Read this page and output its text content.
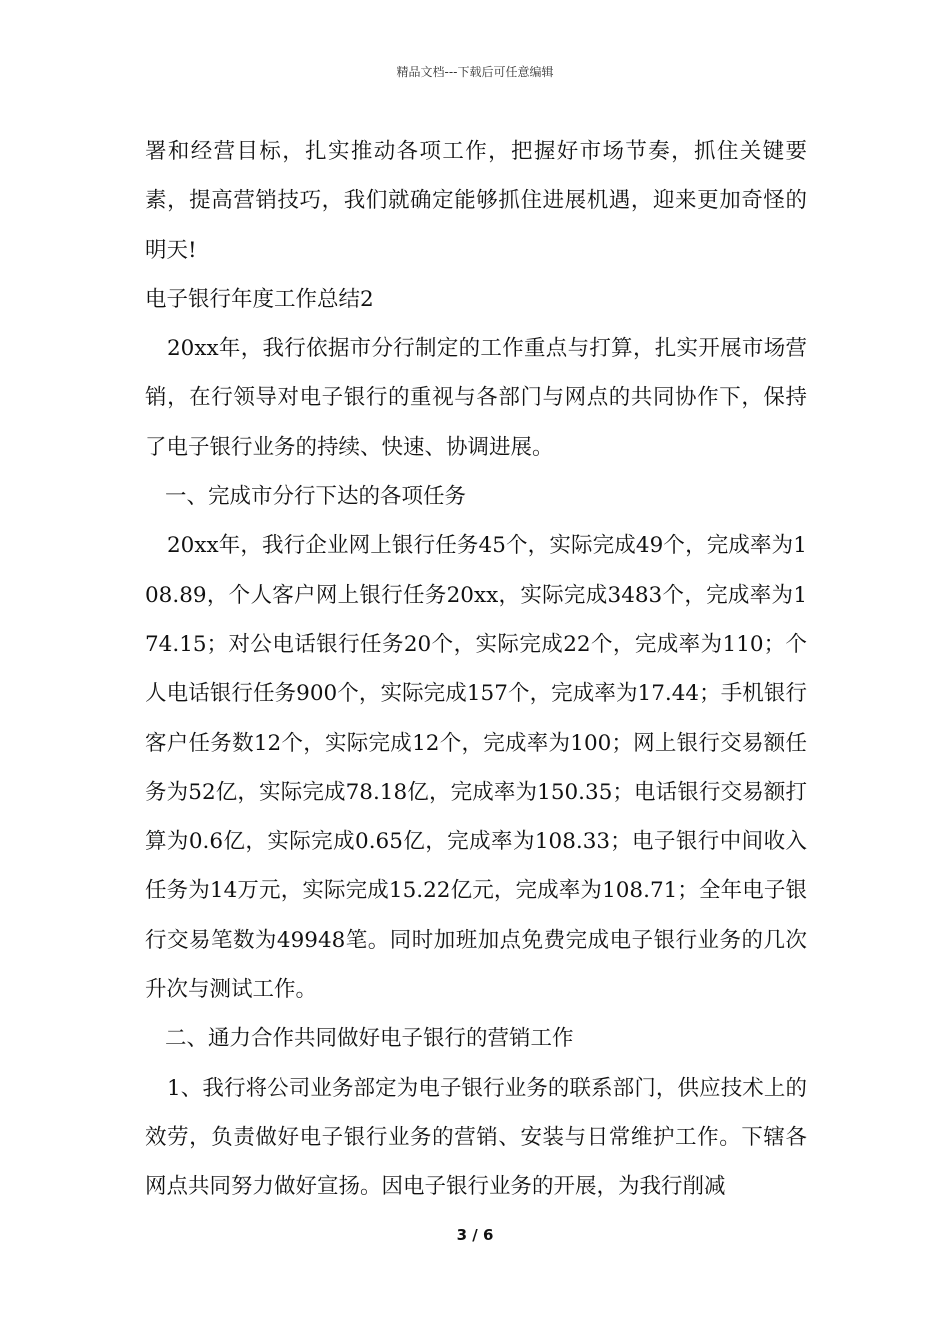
精品文档---下载后可任意编辑

署和经营目标，扎实推动各项工作，把握好市场节奏，抓住关键要素，提高营销技巧，我们就确定能够抓住进展机遇，迎来更加奇怪的明天!

电子银行年度工作总结2

20xx年，我行依据市分行制定的工作重点与打算，扎实开展市场营销，在行领导对电子银行的重视与各部门与网点的共同协作下，保持了电子银行业务的持续、快速、协调进展。

一、完成市分行下达的各项任务

20xx年，我行企业网上银行任务45个，实际完成49个，完成率为108.89，个人客户网上银行任务20xx，实际完成3483个，完成率为174.15；对公电话银行任务20个，实际完成22个，完成率为110；个人电话银行任务900个，实际完成157个，完成率为17.44；手机银行客户任务数12个，实际完成12个，完成率为100；网上银行交易额任务为52亿，实际完成78.18亿，完成率为150.35；电话银行交易额打算为0.6亿，实际完成0.65亿，完成率为108.33；电子银行中间收入任务为14万元，实际完成15.22亿元，完成率为108.71；全年电子银行交易笔数为49948笔。同时加班加点免费完成电子银行业务的几次升次与测试工作。

二、通力合作共同做好电子银行的营销工作

1、我行将公司业务部定为电子银行业务的联系部门，供应技术上的效劳，负责做好电子银行业务的营销、安装与日常维护工作。下辖各网点共同努力做好宣扬。因电子银行业务的开展，为我行削减

3 / 6
